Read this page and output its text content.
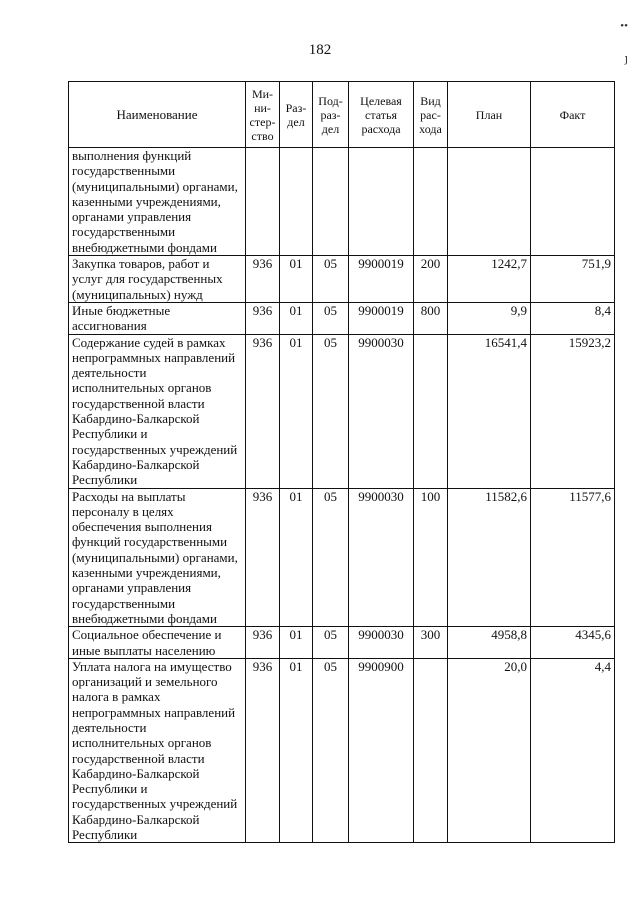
182
••
յ
Наименование	Ми- ни- стер- ство	Раз- дел	Под- раз- дел	Целевая статья расхода	Вид рас- хода	План	Факт
выполнения функций государственными (муниципальными) органами, казенными учреждениями, органами управления государственными внебюджетными фондами							
Закупка товаров, работ и услуг для государственных (муниципальных) нужд	936	01	05	9900019	200	1242,7	751,9
Иные бюджетные ассигнования	936	01	05	9900019	800	9,9	8,4
Содержание судей в рамках непрограммных направлений деятельности исполнительных органов государственной власти Кабардино-Балкарской Республики и государственных учреждений Кабардино-Балкарской Республики	936	01	05	9900030		16541,4	15923,2
Расходы на выплаты персоналу в целях обеспечения выполнения функций государственными (муниципальными) органами, казенными учреждениями, органами управления государственными внебюджетными фондами	936	01	05	9900030	100	11582,6	11577,6
Социальное обеспечение и иные выплаты населению	936	01	05	9900030	300	4958,8	4345,6
Уплата налога на имущество организаций и земельного налога в рамках непрограммных направлений деятельности исполнительных органов государственной власти Кабардино-Балкарской Республики и государственных учреждений Кабардино-Балкарской Республики	936	01	05	9900900		20,0	4,4
